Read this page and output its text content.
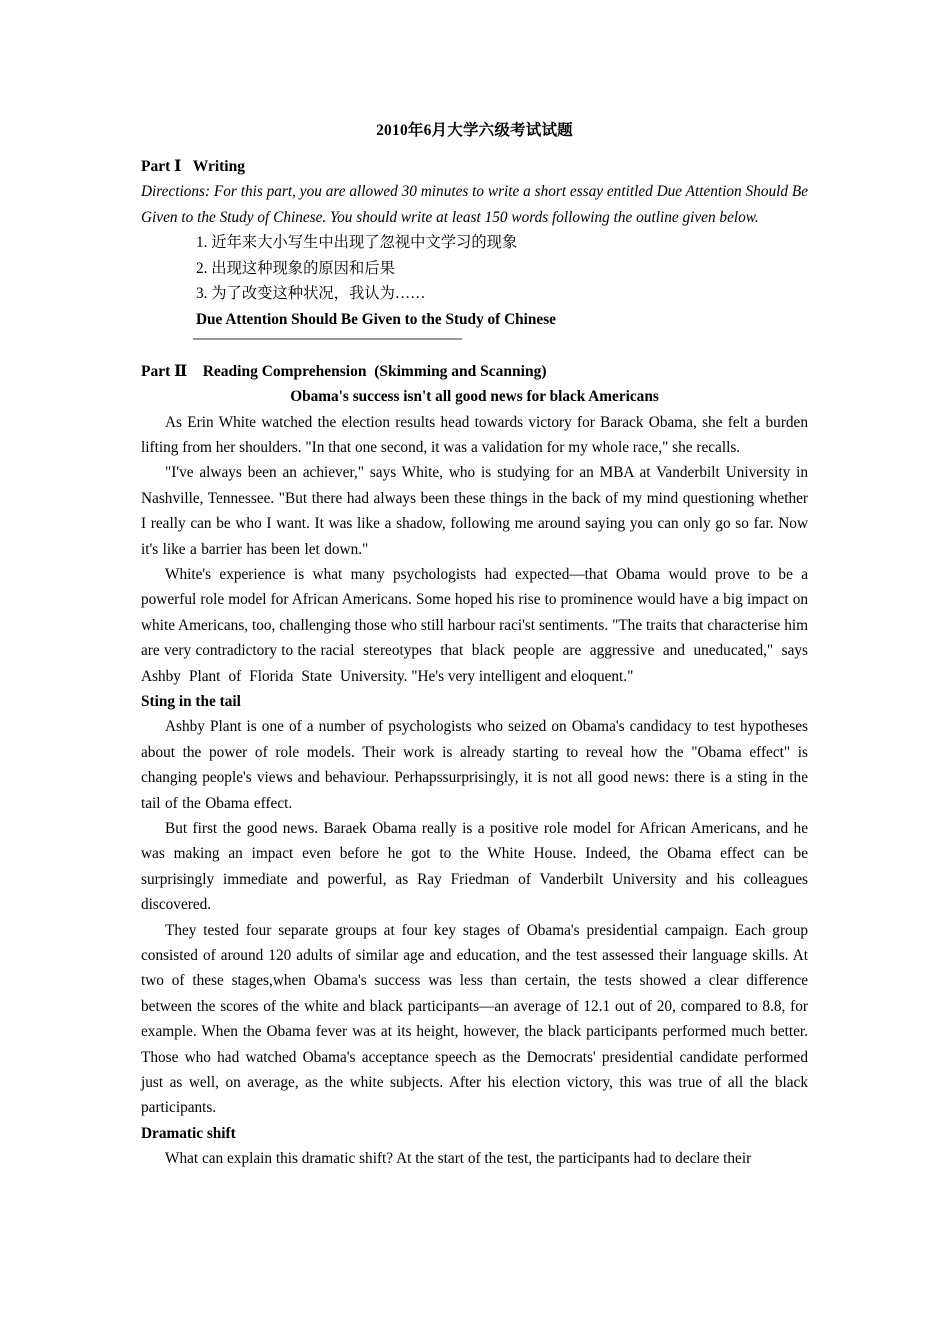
2010年6月大学六级考试试题
Part Ⅰ   Writing

Directions: For this part, you are allowed 30 minutes to write a short essay entitled Due Attention Should Be Given to the Study of Chinese. You should write at least 150 words following the outline given below.

1. 近年来大小写生中出现了忽视中文学习的现象
2. 出现这种现象的原因和后果
3. 为了改变这种状况，我认为……
Due Attention Should Be Given to the Study of Chinese
Part Ⅱ    Reading Comprehension  (Skimming and Scanning)
Obama's success isn't all good news for black Americans

As Erin White watched the election results head towards victory for Barack Obama, she felt a burden lifting from her shoulders. "In that one second, it was a validation for my whole race," she recalls.

"I've always been an achiever," says White, who is studying for an MBA at Vanderbilt University in Nashville, Tennessee. "But there had always been these things in the back of my mind questioning whether I really can be who I want. It was like a shadow, following me around saying you can only go so far. Now it's like a barrier has been let down."

White's experience is what many psychologists had expected—that Obama would prove to be a powerful role model for African Americans. Some hoped his rise to prominence would have a big impact on white Americans, too, challenging those who still harbour raci'st sentiments. "The traits that characterise him are very contradictory to the racial stereotypes that black people are aggressive and uneducated," says Ashby Plant of Florida State University. "He's very intelligent and eloquent."

Sting in the tail

Ashby Plant is one of a number of psychologists who seized on Obama's candidacy to test hypotheses about the power of role models. Their work is already starting to reveal how the "Obama effect" is changing people's views and behaviour. Perhapssurprisingly, it is not all good news: there is a sting in the tail of the Obama effect.

But first the good news. Baraek Obama really is a positive role model for African Americans, and he was making an impact even before he got to the White House. Indeed, the Obama effect can be surprisingly immediate and powerful, as Ray Friedman of Vanderbilt University and his colleagues discovered.

They tested four separate groups at four key stages of Obama's presidential campaign. Each group consisted of around 120 adults of similar age and education, and the test assessed their language skills. At two of these stages,when Obama's success was less than certain, the tests showed a clear difference between the scores of the white and black participants—an average of 12.1 out of 20, compared to 8.8, for example. When the Obama fever was at its height, however, the black participants performed much better. Those who had watched Obama's acceptance speech as the Democrats' presidential candidate performed just as well, on average, as the white subjects. After his election victory, this was true of all the black participants.

Dramatic shift

What can explain this dramatic shift? At the start of the test, the participants had to declare their
